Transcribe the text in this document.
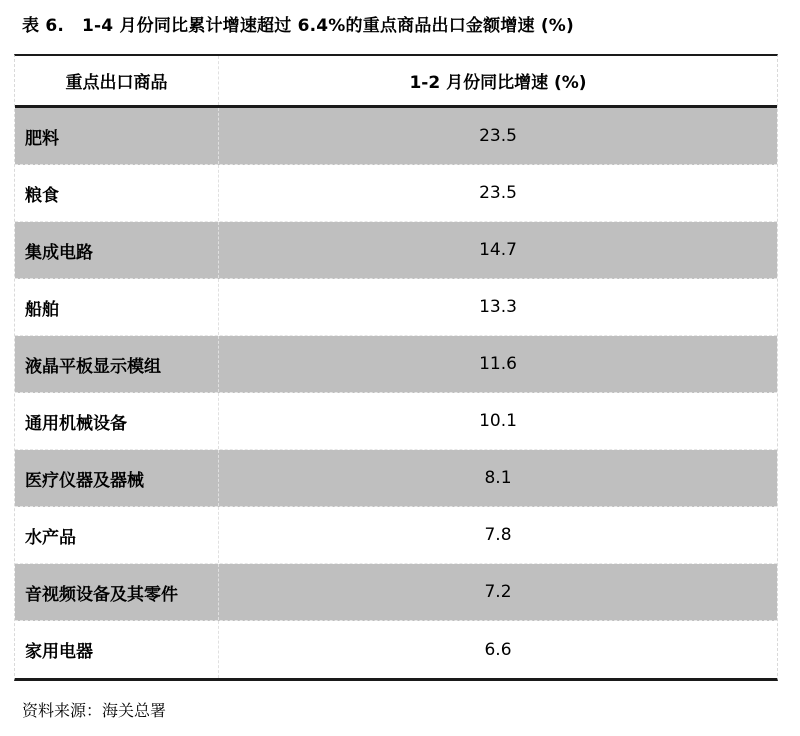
表 6. 1-4 月份同比累计增速超过 6.4%的重点商品出口金额增速 (%)
重点出口商品	1-2 月份同比增速 (%)
肥料	23.5
粮食	23.5
集成电路	14.7
船舶	13.3
液晶平板显示模组	11.6
通用机械设备	10.1
医疗仪器及器械	8.1
水产品	7.8
音视频设备及其零件	7.2
家用电器	6.6
资料来源：海关总署
